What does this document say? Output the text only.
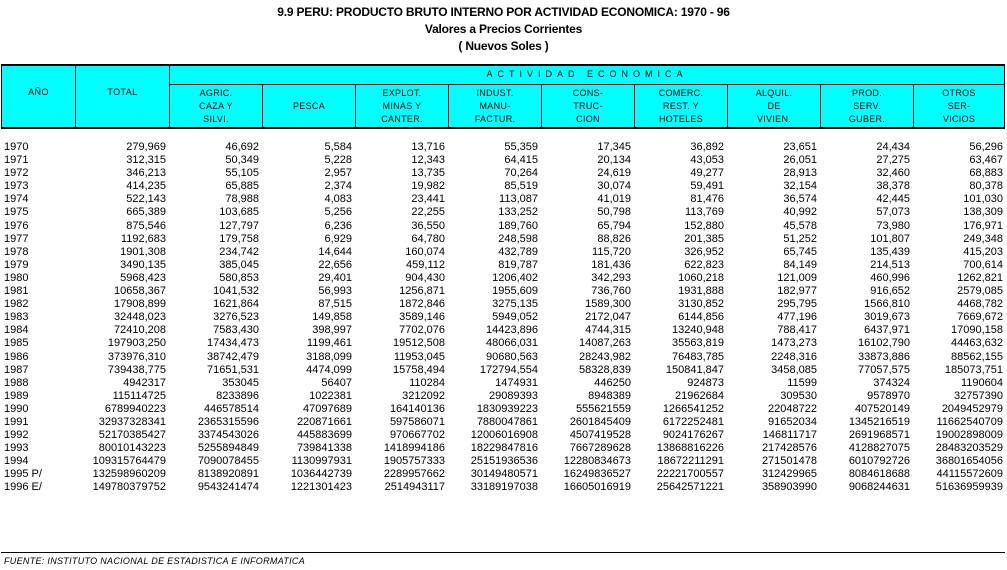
9.9 PERU: PRODUCTO BRUTO INTERNO POR ACTIVIDAD ECONOMICA: 1970 - 96
Valores a Precios Corrientes
( Nuevos Soles )
AÑO	TOTAL
ACTIVIDAD ECONOMICA
AGRIC.
CAZA Y
SILVI.
PESCA
EXPLOT.
MINAS Y
CANTER.
INDUST.
MANU-
FACTUR.
CONS-
TRUC-
CION
COMERC.
REST. Y
HOTELES
ALQUIL.
DE
VIVIEN.
PROD.
SERV.
GUBER.
OTROS
SER-
VICIOS
1970	279,969	46,692	5,584	13,716	55,359	17,345	36,892	23,651	24,434	56,296
1971	312,315	50,349	5,228	12,343	64,415	20,134	43,053	26,051	27,275	63,467
1972	346,213	55,105	2,957	13,735	70,264	24,619	49,277	28,913	32,460	68,883
1973	414,235	65,885	2,374	19,982	85,519	30,074	59,491	32,154	38,378	80,378
1974	522,143	78,988	4,083	23,441	113,087	41,019	81,476	36,574	42,445	101,030
1975	665,389	103,685	5,256	22,255	133,252	50,798	113,769	40,992	57,073	138,309
1976	875,546	127,797	6,236	36,550	189,760	65,794	152,880	45,578	73,980	176,971
1977	1192,683	179,758	6,929	64,780	248,598	88,826	201,385	51,252	101,807	249,348
1978	1901,308	234,742	14,644	160,074	432,789	115,720	326,952	65,745	135,439	415,203
1979	3490,135	385,045	22,656	459,112	819,787	181,436	622,823	84,149	214,513	700,614
1980	5968,423	580,853	29,401	904,430	1206,402	342,293	1060,218	121,009	460,996	1262,821
1981	10658,367	1041,532	56,993	1256,871	1955,609	736,760	1931,888	182,977	916,652	2579,085
1982	17908,899	1621,864	87,515	1872,846	3275,135	1589,300	3130,852	295,795	1566,810	4468,782
1983	32448,023	3276,523	149,858	3589,146	5949,052	2172,047	6144,856	477,196	3019,673	7669,672
1984	72410,208	7583,430	398,997	7702,076	14423,896	4744,315	13240,948	788,417	6437,971	17090,158
1985	197903,250	17434,473	1199,461	19512,508	48066,031	14087,263	35563,819	1473,273	16102,790	44463,632
1986	373976,310	38742,479	3188,099	11953,045	90680,563	28243,982	76483,785	2248,316	33873,886	88562,155
1987	739438,775	71651,531	4474,099	15758,494	172794,554	58328,839	150841,847	3458,085	77057,575	185073,751
1988	4942317	353045	56407	110284	1474931	446250	924873	11599	374324	1190604
1989	115114725	8233896	1022381	3212092	29089393	8948389	21962684	309530	9578970	32757390
1990	6789940223	446578514	47097689	164140136	1830939223	555621559	1266541252	22048722	407520149	2049452979
1991	32937328341	2365315596	220871661	597586071	7880047861	2601845409	6172252481	91652034	1345216519 11662540709
1992	52170385427	3374543026	445883699	970667702 12006016908	4507419528	9024176267	146811717	2691968571 19002898009
1993	80010143223	5255894849	739841338	1418994186 18229847816	7667289628 13868816226	217428576	4128827075 28483203529
1994	109315764479	7090078455	1130997931	1905757333 25151936536 12280834673 18672211291	271501478	6010792726 36801654056
1995 P/	132598960209	8138920891	1036442739	2289957662 30149480571 16249836527 22221700557	312429965	8084618688 44115572609
1996 E/	149780379752	9543241474	1221301423	2514943117 33189197038 16605016919 25642571221	358903990	9068244631 51636959939
FUENTE: INSTITUTO NACIONAL DE ESTADISTICA E INFORMATICA
